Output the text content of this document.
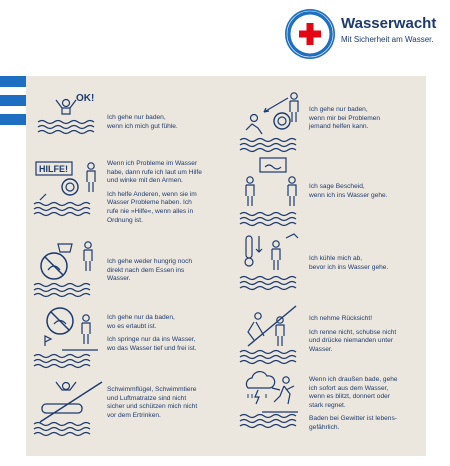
Wasserwacht
Mit Sicherheit am Wasser.
OK!
HILFE!
Ich gehe nur baden,
wenn ich mich gut fühle.
Wenn ich Probleme im Wasser
habe, dann rufe ich laut um Hilfe
und winke mit den Armen.
Ich helfe Anderen, wenn sie im
Wasser Probleme haben. Ich
rufe nie »Hilfe«, wenn alles in
Ordnung ist.
Ich gehe weder hungrig noch
direkt nach dem Essen ins
Wasser.
Ich gehe nur da baden,
wo es erlaubt ist.
Ich springe nur da ins Wasser,
wo das Wasser tief und frei ist.
Schwimmflügel, Schwimmtiere
und Luftmatratze sind nicht
sicher und schützen mich nicht
vor dem Ertrinken.
Ich gehe nur baden,
wenn mir bei Problemen
jemand helfen kann.
Ich sage Bescheid,
wenn ich ins Wasser gehe.
Ich kühle mich ab,
bevor ich ins Wasser gehe.
Ich nehme Rücksicht!
Ich renne nicht, schubse nicht
und drücke niemanden unter
Wasser.
Wenn ich draußen bade, gehe
ich sofort aus dem Wasser,
wenn es blitzt, donnert oder
stark regnet.
Baden bei Gewitter ist lebens-
gefährlich.
